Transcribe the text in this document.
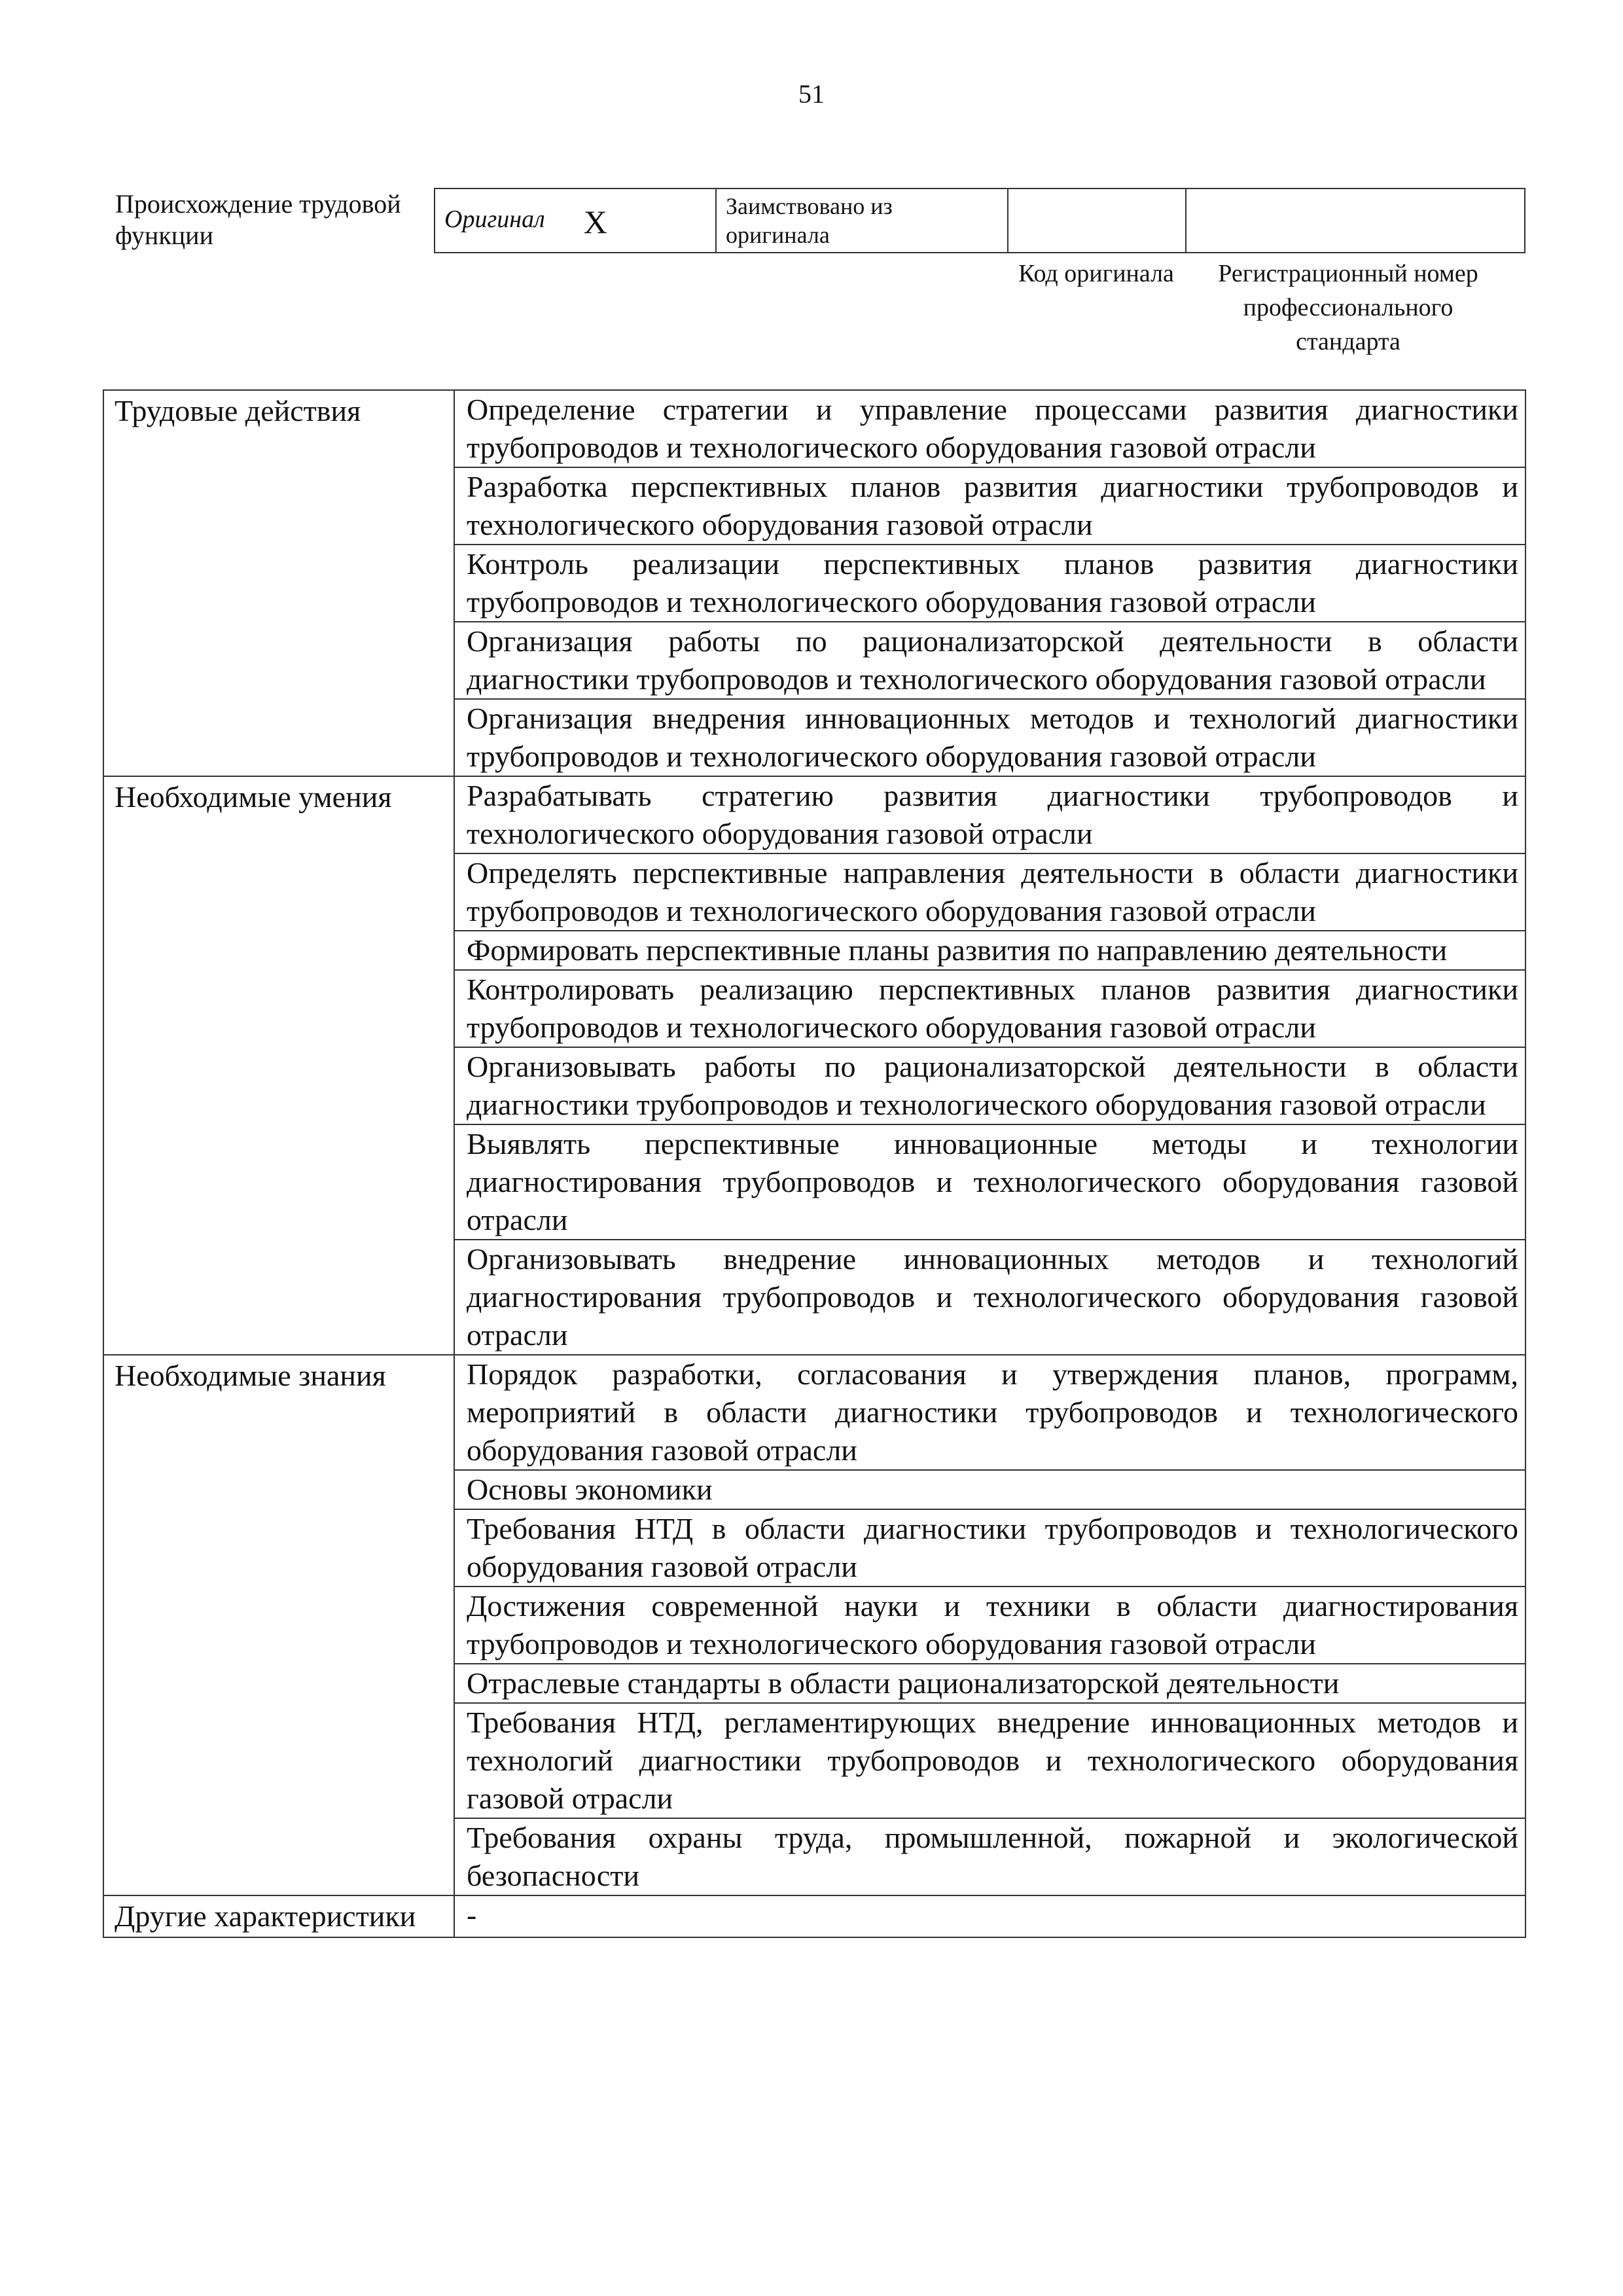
51
Происхождение трудовой функции
Оригинал X	Заимствовано из оригинала		
Код оригинала	Регистрационный номер профессионального стандарта
Трудовые действия	Определение стратегии и управление процессами развития диагностики трубопроводов и технологического оборудования газовой отрасли
	Разработка перспективных планов развития диагностики трубопроводов и технологического оборудования газовой отрасли
	Контроль реализации перспективных планов развития диагностики трубопроводов и технологического оборудования газовой отрасли
	Организация работы по рационализаторской деятельности в области диагностики трубопроводов и технологического оборудования газовой отрасли
	Организация внедрения инновационных методов и технологий диагностики трубопроводов и технологического оборудования газовой отрасли
Необходимые умения	Разрабатывать стратегию развития диагностики трубопроводов и технологического оборудования газовой отрасли
	Определять перспективные направления деятельности в области диагностики трубопроводов и технологического оборудования газовой отрасли
	Формировать перспективные планы развития по направлению деятельности
	Контролировать реализацию перспективных планов развития диагностики трубопроводов и технологического оборудования газовой отрасли
	Организовывать работы по рационализаторской деятельности в области диагностики трубопроводов и технологического оборудования газовой отрасли
	Выявлять перспективные инновационные методы и технологии диагностирования трубопроводов и технологического оборудования газовой отрасли
	Организовывать внедрение инновационных методов и технологий диагностирования трубопроводов и технологического оборудования газовой отрасли
Необходимые знания	Порядок разработки, согласования и утверждения планов, программ, мероприятий в области диагностики трубопроводов и технологического оборудования газовой отрасли
	Основы экономики
	Требования НТД в области диагностики трубопроводов и технологического оборудования газовой отрасли
	Достижения современной науки и техники в области диагностирования трубопроводов и технологического оборудования газовой отрасли
	Отраслевые стандарты в области рационализаторской деятельности
	Требования НТД, регламентирующих внедрение инновационных методов и технологий диагностики трубопроводов и технологического оборудования газовой отрасли
	Требования охраны труда, промышленной, пожарной и экологической безопасности
Другие характеристики	-
